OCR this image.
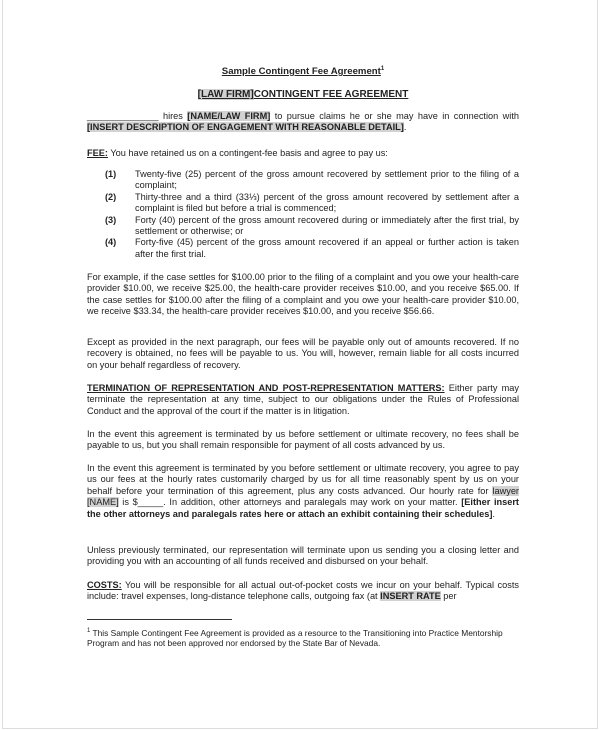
Sample Contingent Fee Agreement$^1$
[LAW FIRM]CONTINGENT FEE AGREEMENT
______________ hires [NAME/LAW FIRM] to pursue claims he or she may have in connection with [INSERT DESCRIPTION OF ENGAGEMENT WITH REASONABLE DETAIL].
FEE: You have retained us on a contingent-fee basis and agree to pay us:
(1)	Twenty-five (25) percent of the gross amount recovered by settlement prior to the filing of a complaint;
(2)	Thirty-three and a third (33⅓) percent of the gross amount recovered by settlement after a complaint is filed but before a trial is commenced;
(3)	Forty (40) percent of the gross amount recovered during or immediately after the first trial, by settlement or otherwise; or
(4)	Forty-five (45) percent of the gross amount recovered if an appeal or further action is taken after the first trial.
For example, if the case settles for $100.00 prior to the filing of a complaint and you owe your health-care provider $10.00, we receive $25.00, the health-care provider receives $10.00, and you receive $65.00. If the case settles for $100.00 after the filing of a complaint and you owe your health-care provider $10.00, we receive $33.34, the health-care provider receives $10.00, and you receive $56.66.
Except as provided in the next paragraph, our fees will be payable only out of amounts recovered. If no recovery is obtained, no fees will be payable to us. You will, however, remain liable for all costs incurred on your behalf regardless of recovery.
TERMINATION OF REPRESENTATION AND POST-REPRESENTATION MATTERS: Either party may terminate the representation at any time, subject to our obligations under the Rules of Professional Conduct and the approval of the court if the matter is in litigation.
In the event this agreement is terminated by us before settlement or ultimate recovery, no fees shall be payable to us, but you shall remain responsible for payment of all costs advanced by us.
In the event this agreement is terminated by you before settlement or ultimate recovery, you agree to pay us our fees at the hourly rates customarily charged by us for all time reasonably spent by us on your behalf before your termination of this agreement, plus any costs advanced. Our hourly rate for lawyer [NAME] is $_____. In addition, other attorneys and paralegals may work on your matter. [Either insert the other attorneys and paralegals rates here or attach an exhibit containing their schedules].
Unless previously terminated, our representation will terminate upon us sending you a closing letter and providing you with an accounting of all funds received and disbursed on your behalf.
COSTS: You will be responsible for all actual out-of-pocket costs we incur on your behalf. Typical costs include: travel expenses, long-distance telephone calls, outgoing fax (at INSERT RATE per
$^1$ This Sample Contingent Fee Agreement is provided as a resource to the Transitioning into Practice Mentorship Program and has not been approved nor endorsed by the State Bar of Nevada.
